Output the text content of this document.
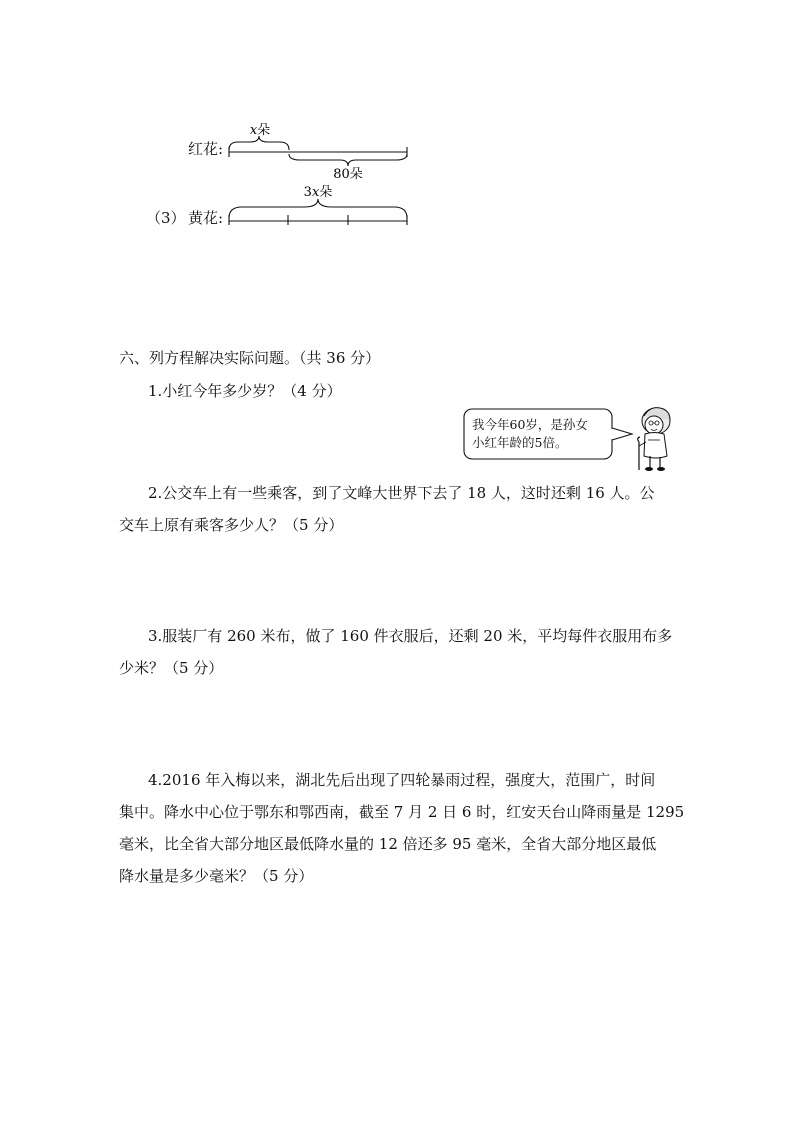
红花:
（3） 黄花:
x朵
80朵
3x朵
六、列方程解决实际问题。（共 36 分）
1.小红今年多少岁？（4 分）
我今年60岁，是孙女
小红年龄的5倍。
2.公交车上有一些乘客，到了文峰大世界下去了 18 人，这时还剩 16 人。公
交车上原有乘客多少人？（5 分）
3.服装厂有 260 米布，做了 160 件衣服后，还剩 20 米，平均每件衣服用布多
少米？（5 分）
4.2016 年入梅以来，湖北先后出现了四轮暴雨过程，强度大，范围广，时间
集中。降水中心位于鄂东和鄂西南，截至 7 月 2 日 6 时，红安天台山降雨量是 1295
毫米，比全省大部分地区最低降水量的 12 倍还多 95 毫米，全省大部分地区最低
降水量是多少毫米？（5 分）
